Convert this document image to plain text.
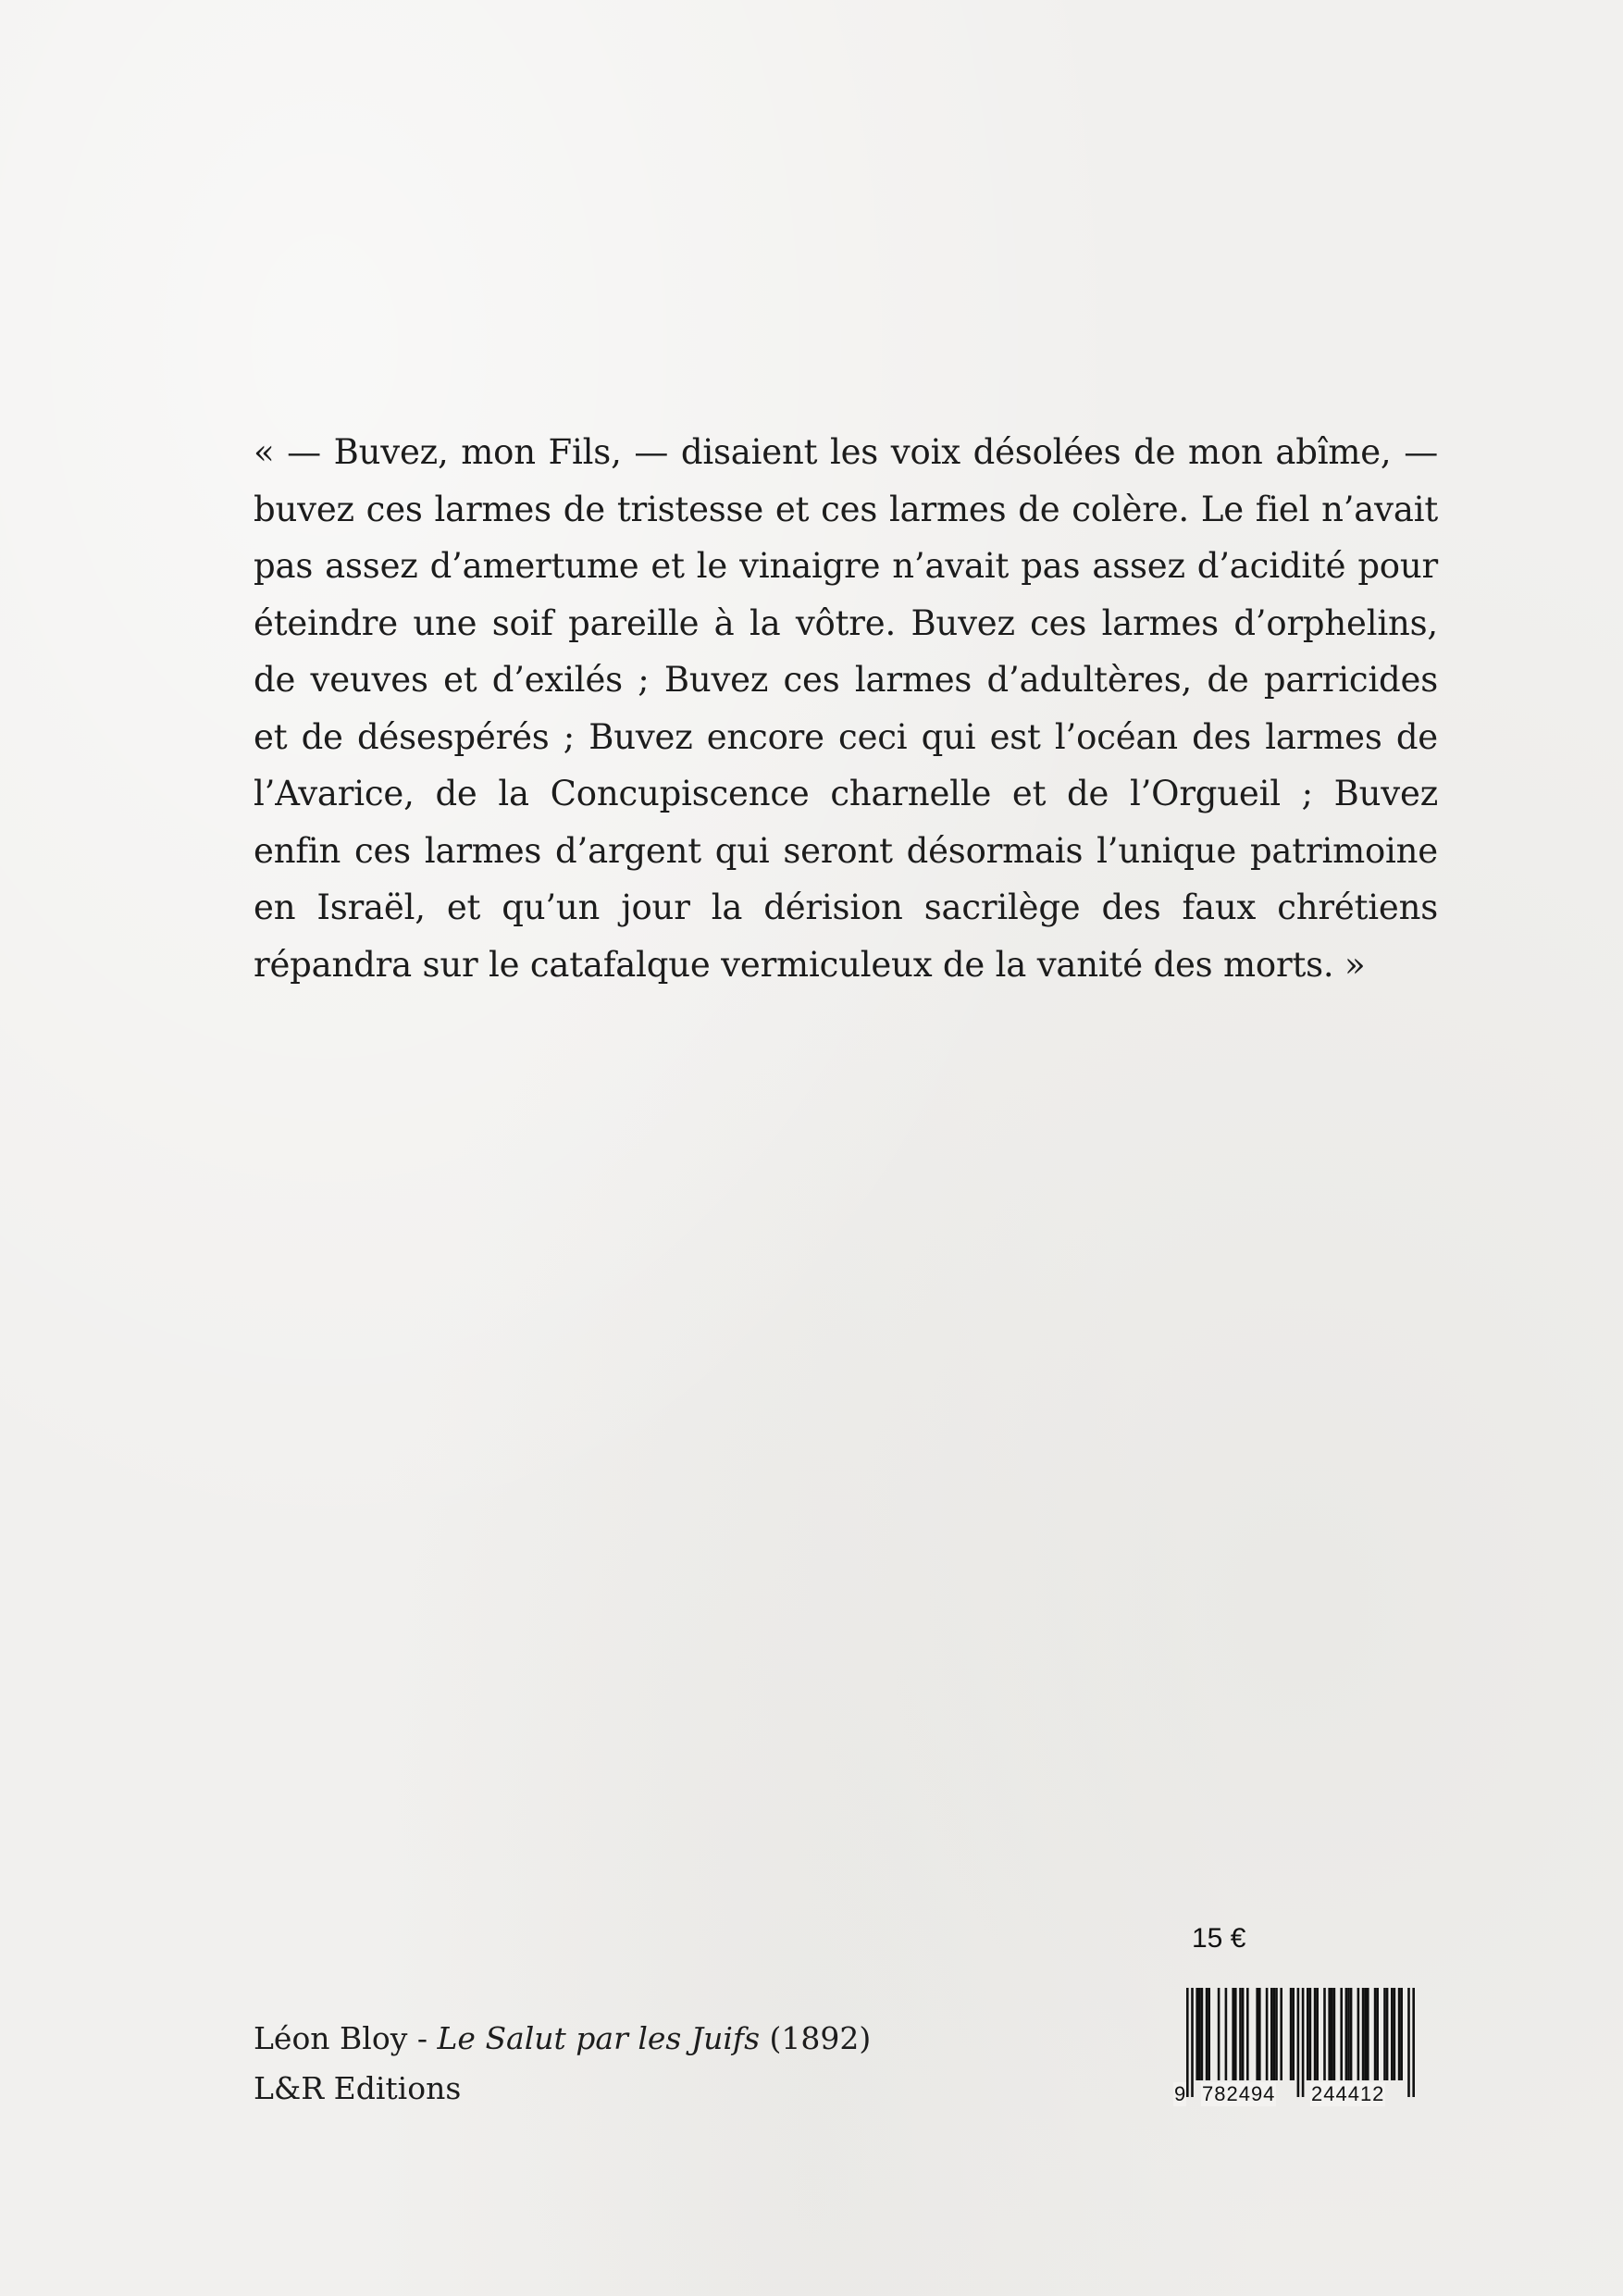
« — Buvez, mon Fils, — disaient les voix désolées de mon abîme, — buvez ces larmes de tristesse et ces larmes de colère. Le fiel n’avait pas assez d’amertume et le vinaigre n’avait pas assez d’acidité pour éteindre une soif pareille à la vôtre. Buvez ces larmes d’orphelins, de veuves et d’exilés ; Buvez ces larmes d’adultères, de parricides et de désespérés ; Buvez encore ceci qui est l’océan des larmes de l’Avarice, de la Concupiscence charnelle et de l’Orgueil ; Buvez enfin ces larmes d’argent qui seront désormais l’unique patrimoine en Israël, et qu’un jour la dérision sacrilège des faux chrétiens répandra sur le catafalque vermiculeux de la vanité des morts. »

15 €
Léon Bloy - Le Salut par les Juifs (1892)
L&R Editions	9 782494 244412
